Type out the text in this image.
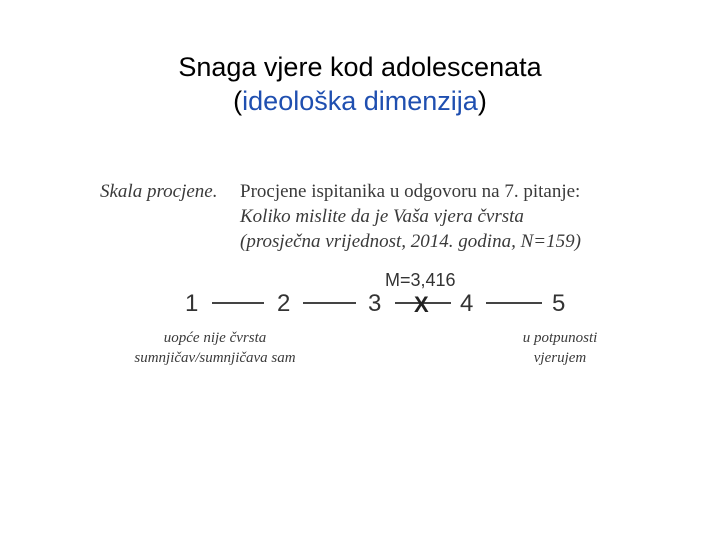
Snaga vjere kod adolescenata
(ideološka dimenzija)
Skala procjene. Procjene ispitanika u odgovoru na 7. pitanje:
Koliko mislite da je Vaša vjera čvrsta
(prosječna vrijednost, 2014. godina, N=159)
M=3,416
1	2	3 X 4	5
uopće nije čvrsta
sumnjičav/sumnjičava sam
u potpunosti
vjerujem
